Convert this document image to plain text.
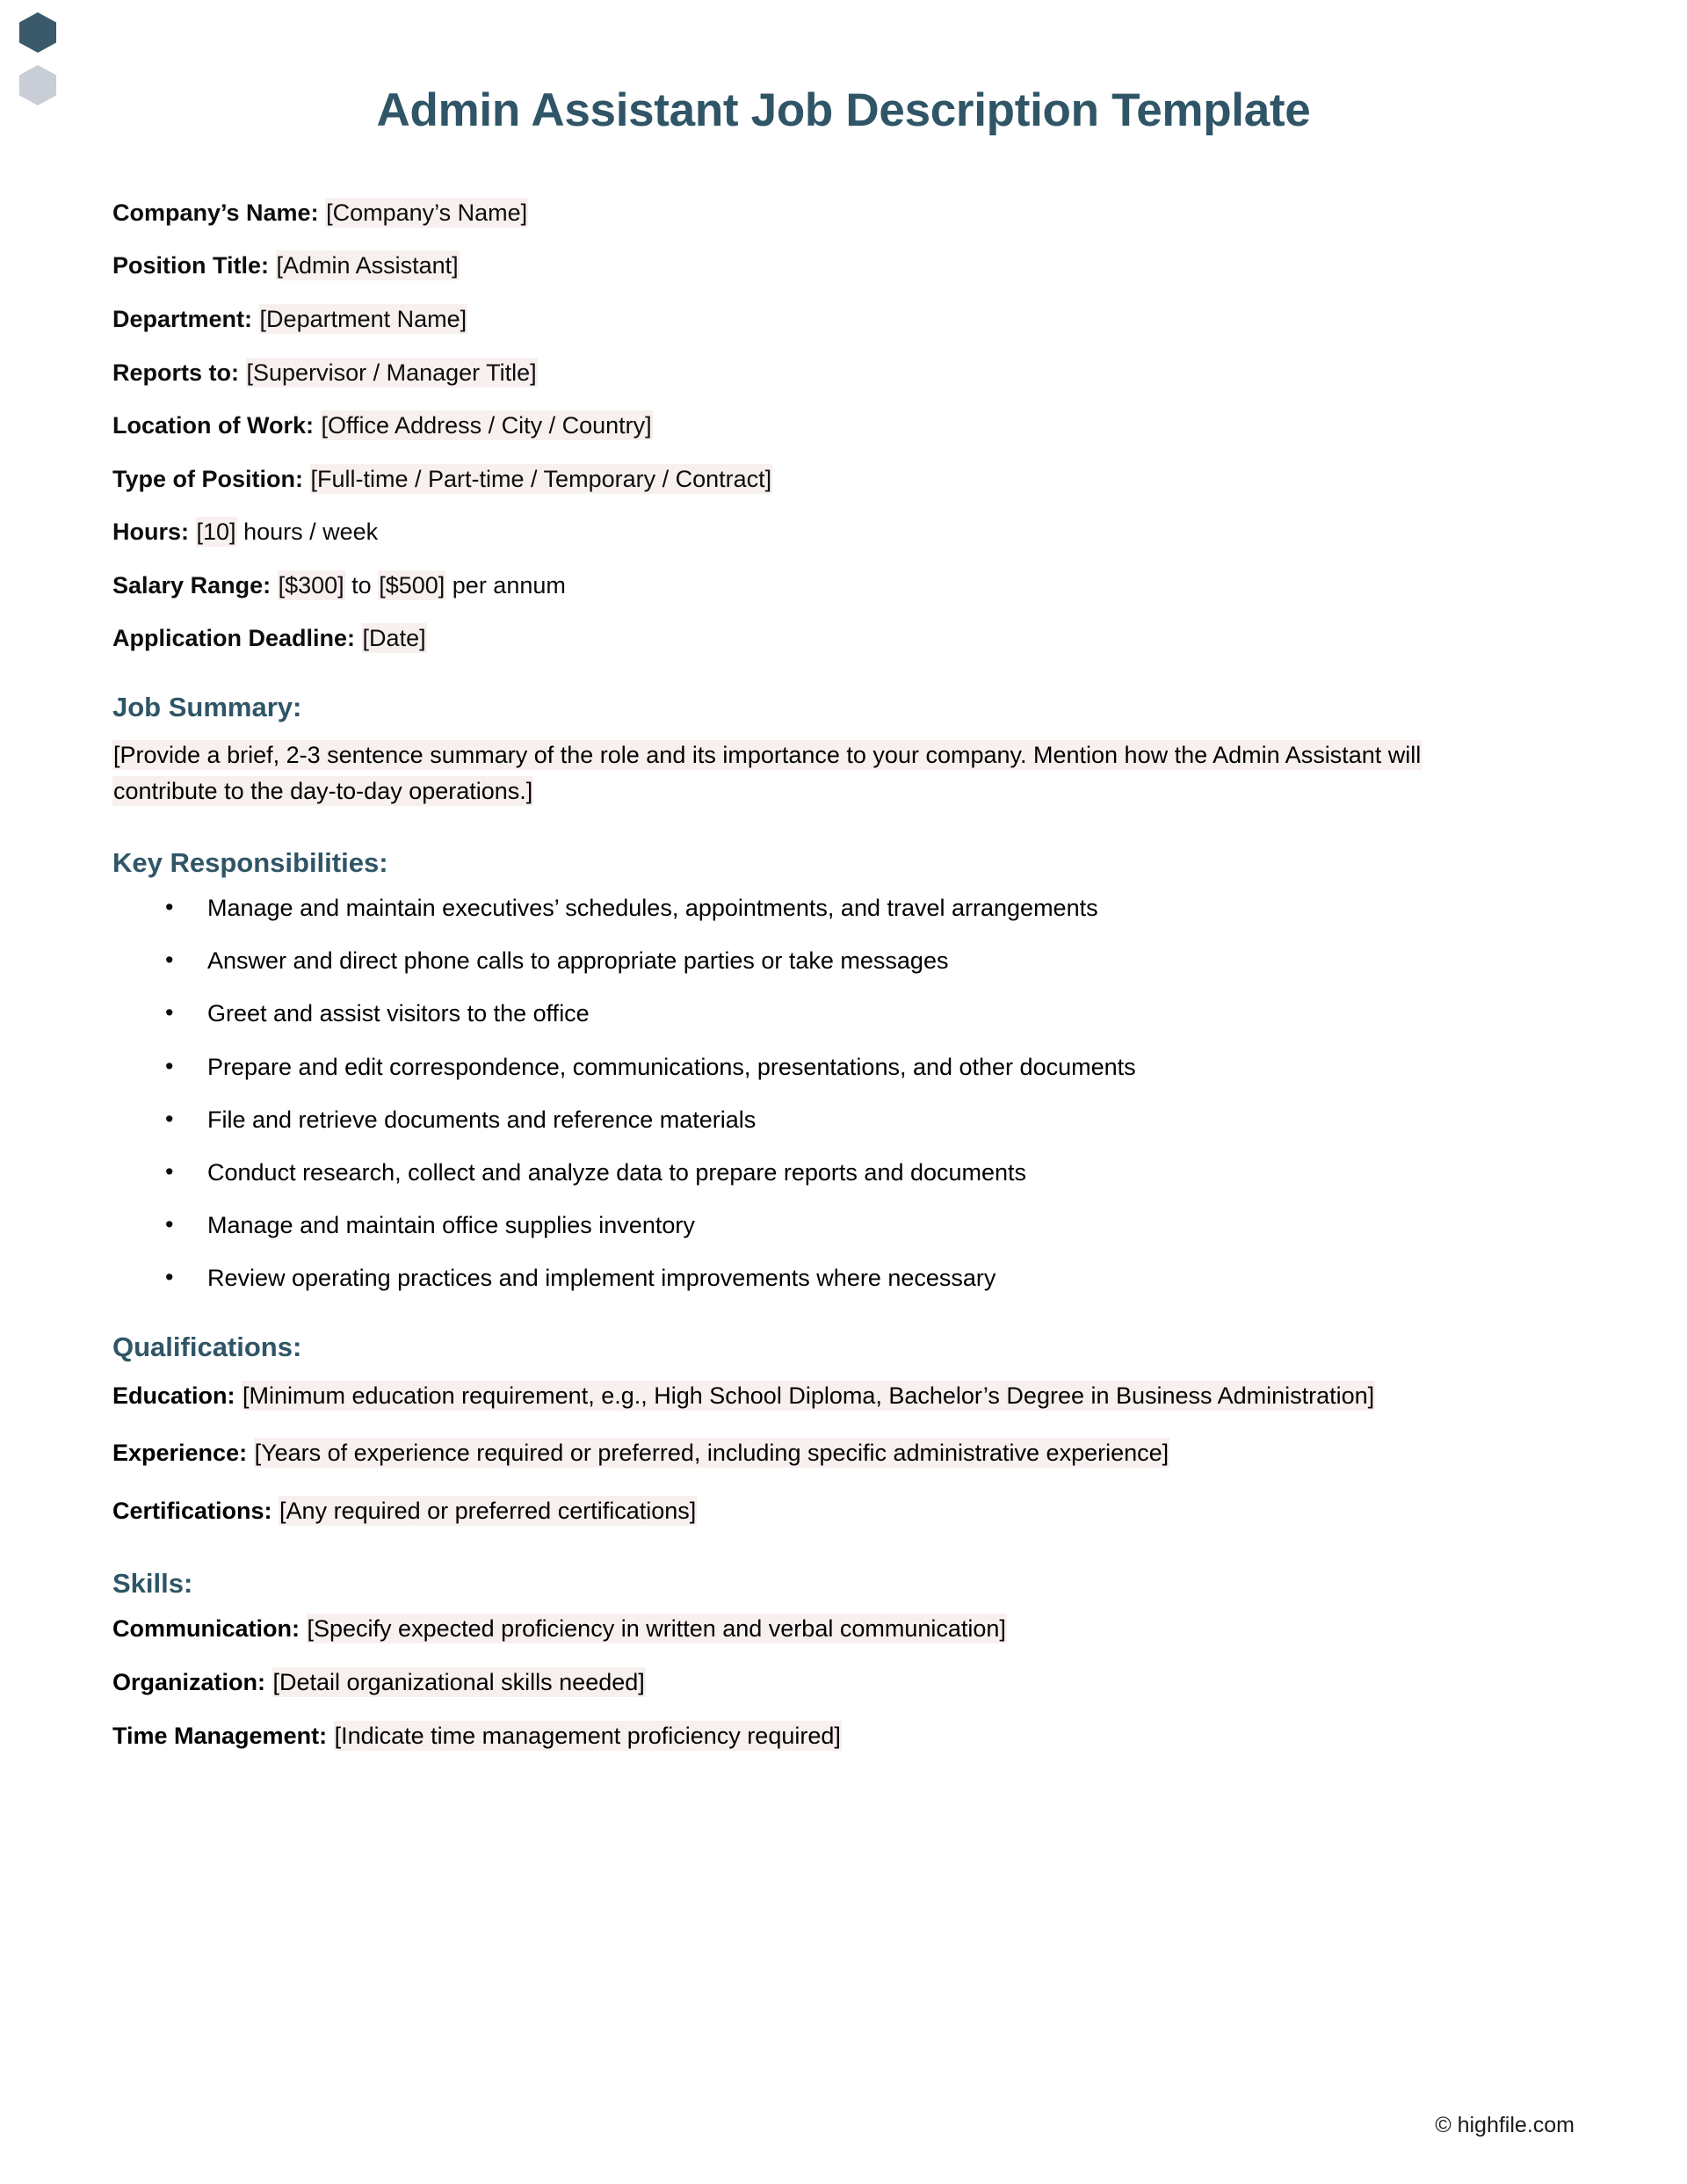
Admin Assistant Job Description Template
Company’s Name: [Company’s Name]
Position Title: [Admin Assistant]
Department: [Department Name]
Reports to: [Supervisor / Manager Title]
Location of Work: [Office Address / City / Country]
Type of Position: [Full-time / Part-time / Temporary / Contract]
Hours: [10] hours / week
Salary Range: [$300] to [$500] per annum
Application Deadline: [Date]
Job Summary:

[Provide a brief, 2-3 sentence summary of the role and its importance to your company. Mention how the Admin Assistant will contribute to the day-to-day operations.]

Key Responsibilities:
• Manage and maintain executives’ schedules, appointments, and travel arrangements
• Answer and direct phone calls to appropriate parties or take messages
• Greet and assist visitors to the office
• Prepare and edit correspondence, communications, presentations, and other documents
• File and retrieve documents and reference materials
• Conduct research, collect and analyze data to prepare reports and documents
• Manage and maintain office supplies inventory
• Review operating practices and implement improvements where necessary
Qualifications:
Education: [Minimum education requirement, e.g., High School Diploma, Bachelor’s Degree in Business Administration]
Experience: [Years of experience required or preferred, including specific administrative experience]
Certifications: [Any required or preferred certifications]
Skills:
Communication: [Specify expected proficiency in written and verbal communication]
Organization: [Detail organizational skills needed]
Time Management: [Indicate time management proficiency required]
© highfile.com
